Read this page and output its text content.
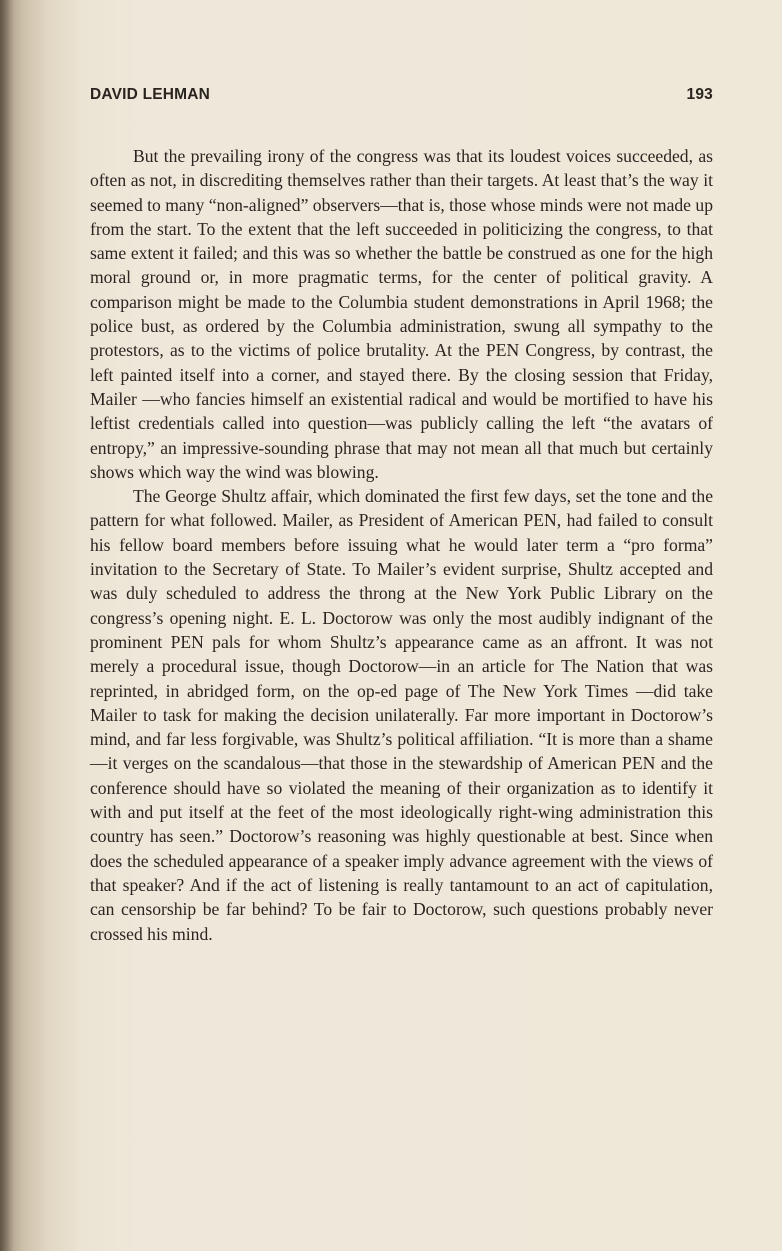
DAVID LEHMAN	193

But the prevailing irony of the congress was that its loudest voices succeeded, as often as not, in discrediting themselves rather than their targets. At least that’s the way it seemed to many “non-aligned” observers—that is, those whose minds were not made up from the start. To the extent that the left succeeded in politicizing the congress, to that same extent it failed; and this was so whether the battle be construed as one for the high moral ground or, in more pragmatic terms, for the center of political gravity. A comparison might be made to the Columbia student demonstrations in April 1968; the police bust, as ordered by the Columbia administration, swung all sympathy to the protestors, as to the victims of police brutality. At the PEN Congress, by contrast, the left painted itself into a corner, and stayed there. By the closing session that Friday, Mailer —who fancies himself an existential radical and would be mortified to have his leftist credentials called into question—was publicly calling the left “the avatars of entropy,” an impressive-sounding phrase that may not mean all that much but certainly shows which way the wind was blowing.

The George Shultz affair, which dominated the first few days, set the tone and the pattern for what followed. Mailer, as President of American PEN, had failed to consult his fellow board members before issuing what he would later term a “pro forma” invitation to the Secretary of State. To Mailer’s evident surprise, Shultz accepted and was duly scheduled to address the throng at the New York Public Library on the congress’s opening night. E. L. Doctorow was only the most audibly indignant of the prominent PEN pals for whom Shultz’s appearance came as an affront. It was not merely a procedural issue, though Doctorow—in an article for The Nation that was reprinted, in abridged form, on the op-ed page of The New York Times —did take Mailer to task for making the decision unilaterally. Far more important in Doctorow’s mind, and far less forgivable, was Shultz’s political affiliation. “It is more than a shame—it verges on the scandalous—that those in the stewardship of American PEN and the conference should have so violated the meaning of their organization as to identify it with and put itself at the feet of the most ideologically right-wing administration this country has seen.” Doctorow’s reasoning was highly questionable at best. Since when does the scheduled appearance of a speaker imply advance agreement with the views of that speaker? And if the act of listening is really tantamount to an act of capitulation, can censorship be far behind? To be fair to Doctorow, such questions probably never crossed his mind.
